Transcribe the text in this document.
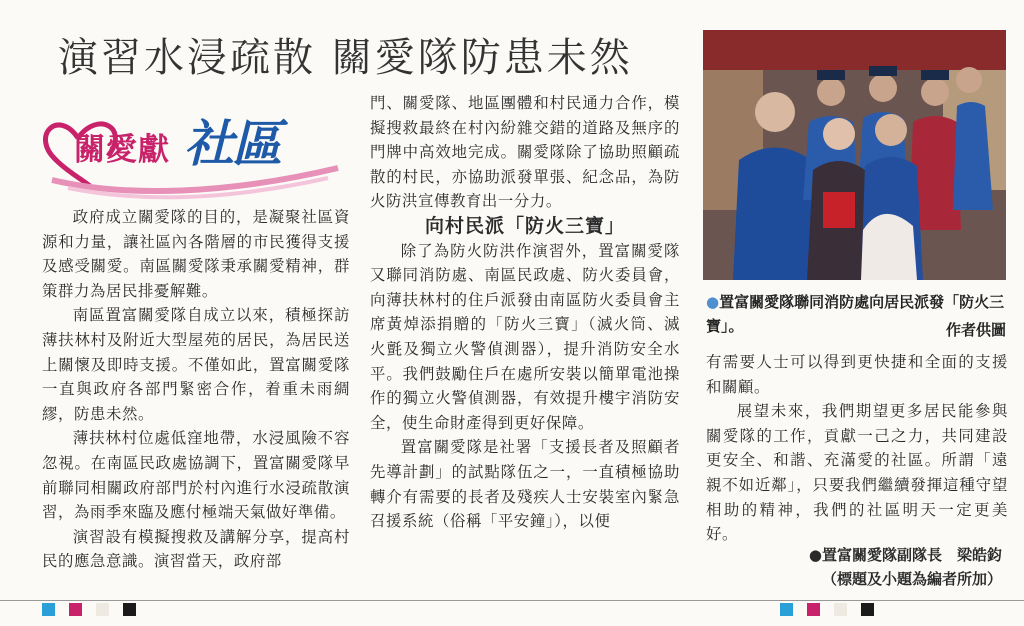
演習水浸疏散 關愛隊防患未然
關愛獻 社區

政府成立關愛隊的目的，是凝聚社區資源和力量，讓社區內各階層的市民獲得支援及感受關愛。南區關愛隊秉承關愛精神，群策群力為居民排憂解難。

南區置富關愛隊自成立以來，積極探訪薄扶林村及附近大型屋苑的居民，為居民送上關懷及即時支援。不僅如此，置富關愛隊一直與政府各部門緊密合作，着重未雨綢繆，防患未然。

薄扶林村位處低窪地帶，水浸風險不容忽視。在南區民政處協調下，置富關愛隊早前聯同相關政府部門於村內進行水浸疏散演習，為雨季來臨及應付極端天氣做好準備。

演習設有模擬搜救及講解分享，提高村民的應急意識。演習當天，政府部

門、關愛隊、地區團體和村民通力合作，模擬搜救最終在村內紛雜交錯的道路及無序的門牌中高效地完成。關愛隊除了協助照顧疏散的村民，亦協助派發單張、紀念品，為防火防洪宣傳教育出一分力。

向村民派「防火三寶」

除了為防火防洪作演習外，置富關愛隊又聯同消防處、南區民政處、防火委員會，向薄扶林村的住戶派發由南區防火委員會主席黃焯添捐贈的「防火三寶」（滅火筒、滅火氈及獨立火警偵測器），提升消防安全水平。我們鼓勵住戶在處所安裝以簡單電池操作的獨立火警偵測器，有效提升樓宇消防安全，使生命財產得到更好保障。

置富關愛隊是社署「支援長者及照顧者先導計劃」的試點隊伍之一，一直積極協助轉介有需要的長者及殘疾人士安裝室內緊急召援系統（俗稱「平安鐘」），以便

●置富關愛隊聯同消防處向居民派發「防火三寶」。	作者供圖

有需要人士可以得到更快捷和全面的支援和關顧。

展望未來，我們期望更多居民能參與關愛隊的工作，貢獻一己之力，共同建設更安全、和諧、充滿愛的社區。所謂「遠親不如近鄰」，只要我們繼續發揮這種守望相助的精神，我們的社區明天一定更美好。

●置富關愛隊副隊長　梁皓鈞
（標題及小題為編者所加）
